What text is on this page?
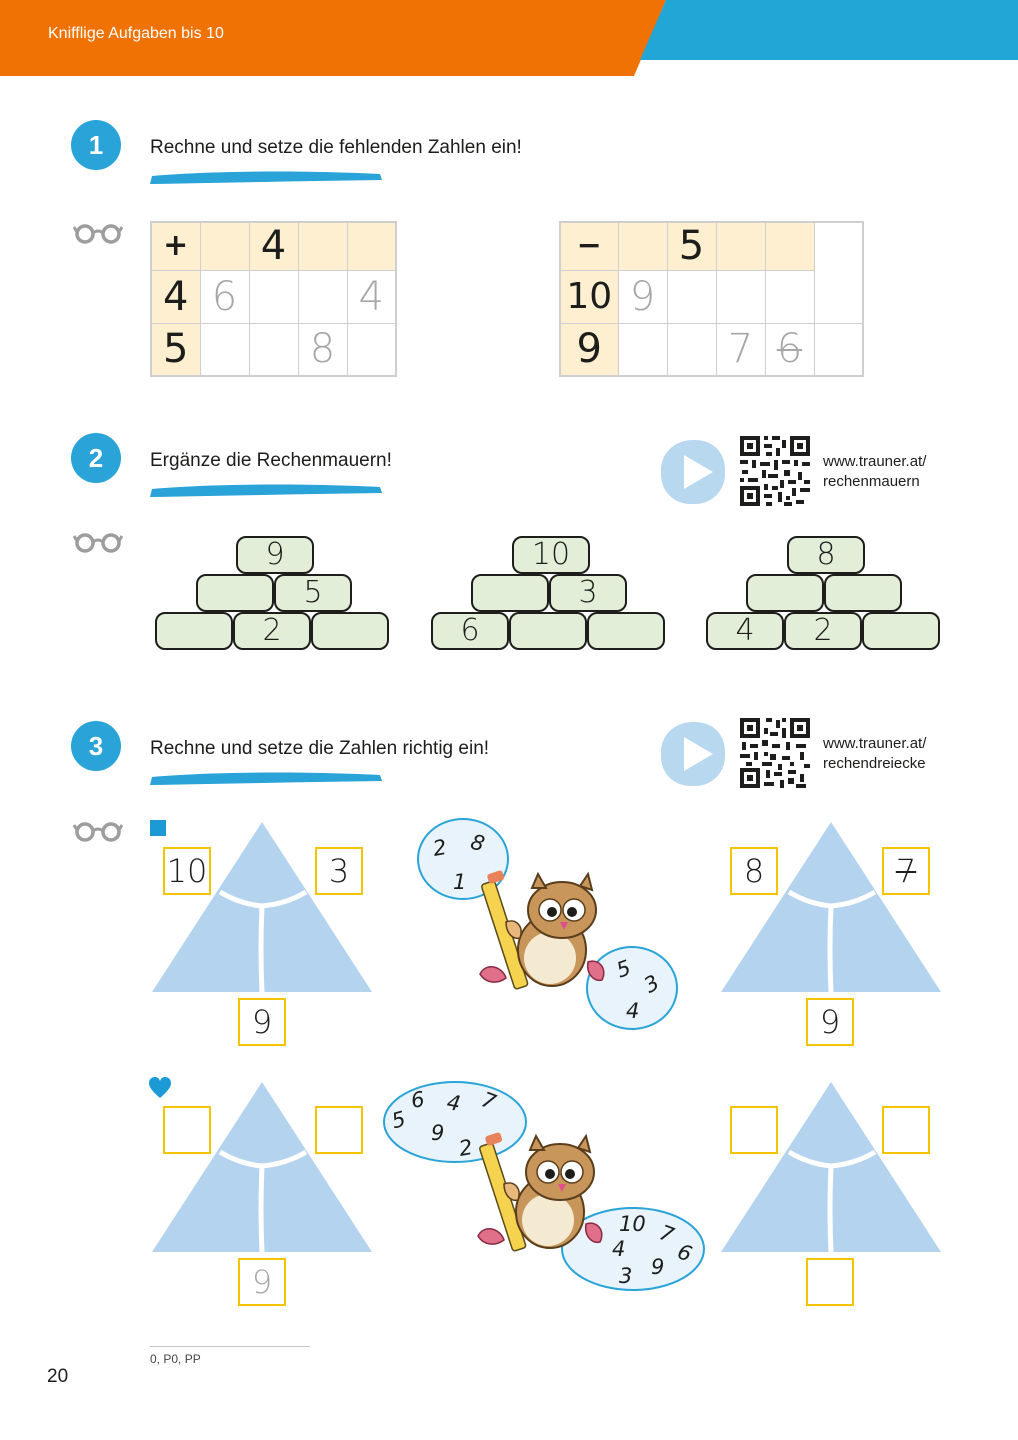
Knifflige Aufgaben bis 10
1	Rechne und setze die fehlenden Zahlen ein!
+		4		
4	6			4
5			8	
−		5			
10	9				
9			7	6	
2	Ergänze die Rechenmauern!	www.trauner.at/
rechenmauern
9
5
2
10
3
6
8
4	2
3	Rechne und setze die Zahlen richtig ein!	www.trauner.at/
rechendreiecke
10	3
9
8	7
9
9
2 8
1
5
3
4
6 4 7
5 9
2
10 7
4 6
3 9
0, P0, PP
20
